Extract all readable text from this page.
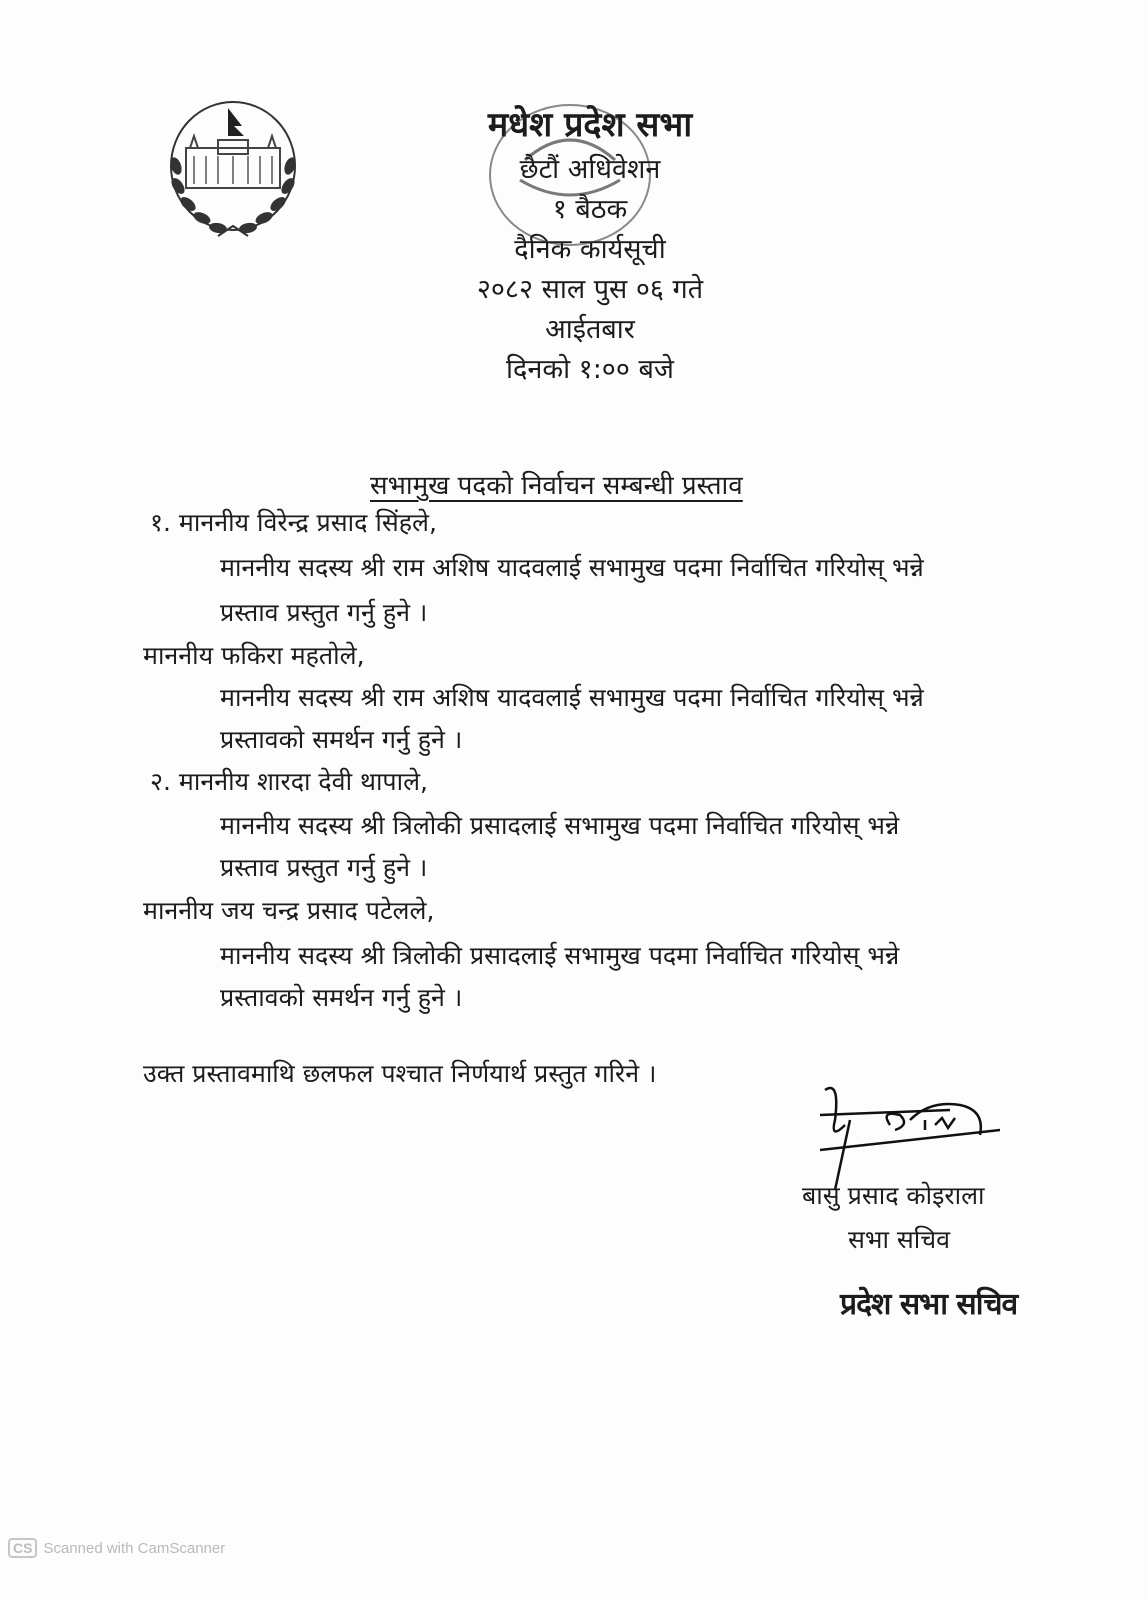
मधेश प्रदेश सभा
छैटौं अधिवेशन
१ बैठक
दैनिक कार्यसूची
२०८२ साल पुस ०६ गते
आईतबार
दिनको १:०० बजे
सभामुख पदको निर्वाचन सम्बन्धी प्रस्ताव
१. माननीय विरेन्द्र प्रसाद सिंहले,
माननीय सदस्य श्री राम अशिष यादवलाई सभामुख पदमा निर्वाचित गरियोस् भन्ने
प्रस्ताव प्रस्तुत गर्नु हुने ।
माननीय फकिरा महतोले,
माननीय सदस्य श्री राम अशिष यादवलाई सभामुख पदमा निर्वाचित गरियोस् भन्ने
प्रस्तावको समर्थन गर्नु हुने ।
२. माननीय शारदा देवी थापाले,
माननीय सदस्य श्री त्रिलोकी प्रसादलाई सभामुख पदमा निर्वाचित गरियोस् भन्ने
प्रस्ताव प्रस्तुत गर्नु हुने ।
माननीय जय चन्द्र प्रसाद पटेलले,
माननीय सदस्य श्री त्रिलोकी प्रसादलाई सभामुख पदमा निर्वाचित गरियोस् भन्ने
प्रस्तावको समर्थन गर्नु हुने ।
उक्त प्रस्तावमाथि छलफल पश्चात निर्णयार्थ प्रस्तुत गरिने ।
बासु प्रसाद कोइराला
सभा सचिव
प्रदेश सभा सचिव
CS Scanned with CamScanner
